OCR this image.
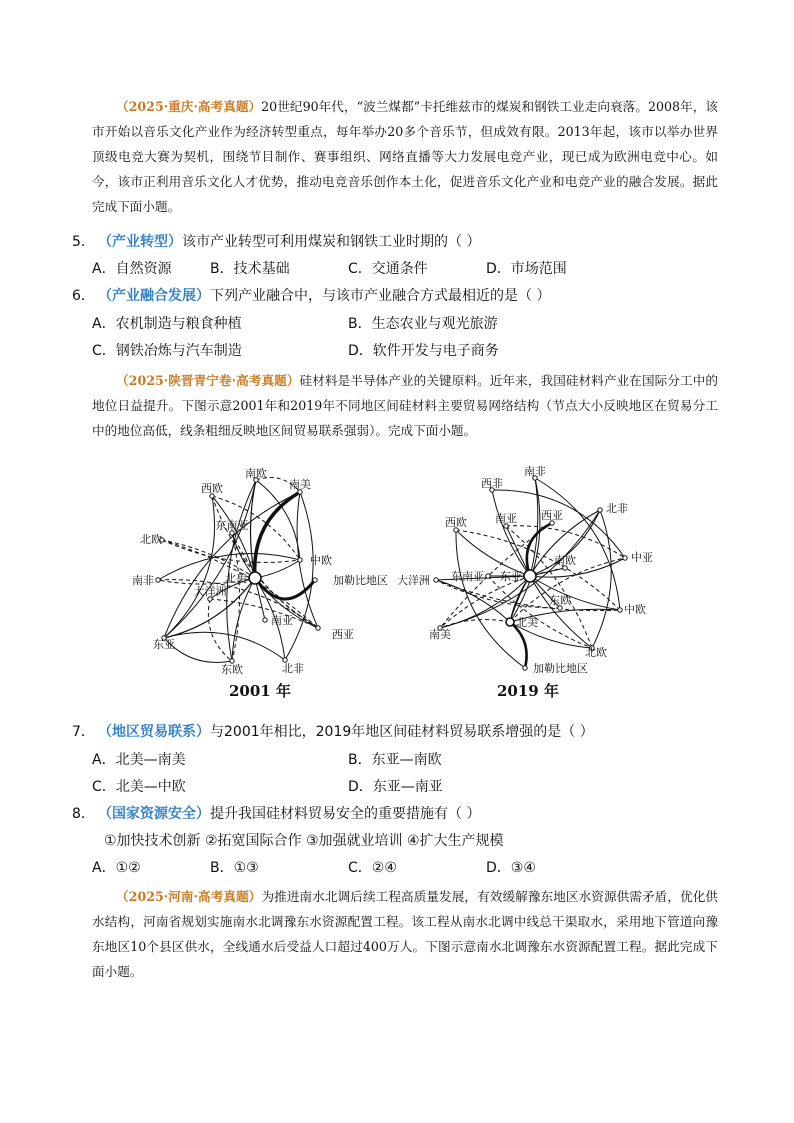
（2025·重庆·高考真题）20世纪90年代，“波兰煤都”卡托维兹市的煤炭和钢铁工业走向衰落。2008年，该市开始以音乐文化产业作为经济转型重点，每年举办20多个音乐节，但成效有限。2013年起，该市以举办世界顶级电竞大赛为契机，围绕节目制作、赛事组织、网络直播等大力发展电竞产业，现已成为欧洲电竞中心。如今，该市正利用音乐文化人才优势，推动电竞音乐创作本土化，促进音乐文化产业和电竞产业的融合发展。据此完成下面小题。
5． （产业转型）该市产业转型可利用煤炭和钢铁工业时期的（ ）
A．自然资源	B．技术基础	C．交通条件	D．市场范围
6． （产业融合发展）下列产业融合中，与该市产业融合方式最相近的是（ ）
A．农机制造与粮食种植	B．生态农业与观光旅游
C．钢铁冶炼与汽车制造	D．软件开发与电子商务
（2025·陕晋青宁卷·高考真题）硅材料是半导体产业的关键原料。近年来，我国硅材料产业在国际分工中的地位日益提升。下图示意2001年和2019年不同地区间硅材料主要贸易网络结构（节点大小反映地区在贸易分工中的地位高低，线条粗细反映地区间贸易联系强弱）。完成下面小题。
南欧
西欧	南美
北欧
东南亚
中欧
北美
南非	加勒比地区
大洋洲
南亚
东亚
西亚
东欧	北非
南非
西非
北非
南亚 西亚
西欧
中亚
大洋洲 东南亚 东亚
南欧
东欧
中欧
北美
南美
北欧
加勒比地区
2001 年	2019 年
7． （地区贸易联系）与2001年相比，2019年地区间硅材料贸易联系增强的是（ ）
A．北美—南美	B．东亚—南欧
C．北美—中欧	D．东亚—南亚
8． （国家资源安全）提升我国硅材料贸易安全的重要措施有（ ）
①加快技术创新 ②拓宽国际合作 ③加强就业培训 ④扩大生产规模
A．①②	B．①③	C．②④	D．③④
（2025·河南·高考真题）为推进南水北调后续工程高质量发展，有效缓解豫东地区水资源供需矛盾，优化供水结构，河南省规划实施南水北调豫东水资源配置工程。该工程从南水北调中线总干渠取水，采用地下管道向豫东地区10个县区供水，全线通水后受益人口超过400万人。下图示意南水北调豫东水资源配置工程。据此完成下面小题。
